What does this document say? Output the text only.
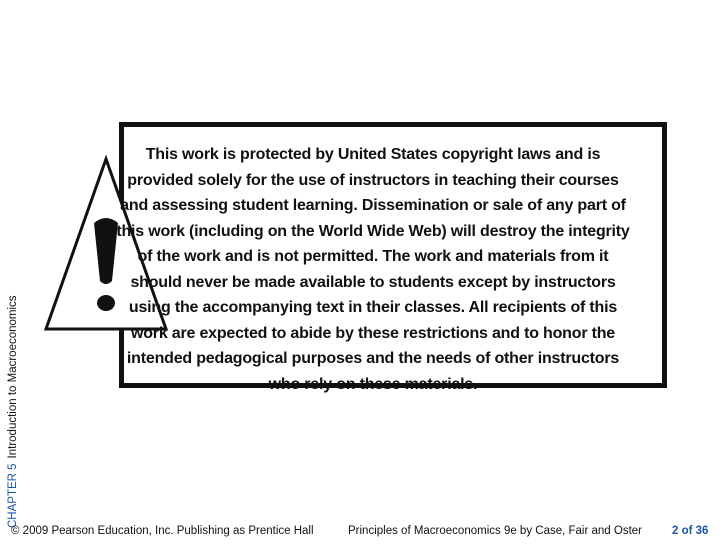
CHAPTER 5Introduction to Macroeconomics
This work is protected by United States copyright laws and is provided solely for the use of instructors in teaching their courses and assessing student learning. Dissemination or sale of any part of this work (including on the World Wide Web) will destroy the integrity of the work and is not permitted. The work and materials from it should never be made available to students except by instructors using the accompanying text in their classes. All recipients of this work are expected to abide by these restrictions and to honor the intended pedagogical purposes and the needs of other instructors who rely on these materials.
© 2009 Pearson Education, Inc. Publishing as Prentice Hall	Principles of Macroeconomics 9e by Case, Fair and Oster	2 of 36
